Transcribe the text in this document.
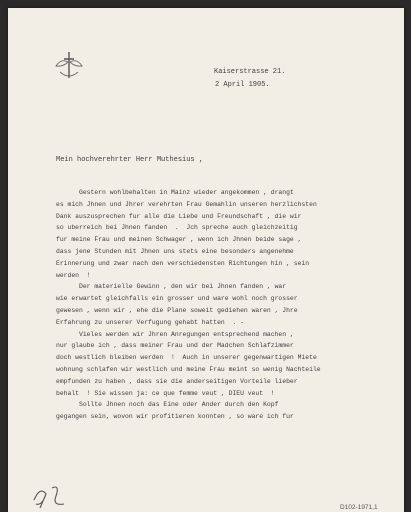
Kaiserstrasse 21.
2 April 1905.
Mein hochverehrter Herr Muthesius ,
Gestern wohlbehalten in Mainz wieder angekommen , drangt
es mich Jhnen und Jhrer verehrten Frau Gemahlin unseren herzlichsten
Dank auszusprechen fur alle die Liebe und Freundschaft , die wir
so uberreich bei Jhnen fanden  .  Jch spreche auch gleichzeitig
fur meine Frau und meinen Schwager , wenn ich Jhnen beide sage ,
dass jene Stunden mit Jhnen uns stets eine besonders angenehme
Erinnerung und zwar nach den verschiedensten Richtungen hin , sein
werden  !
Der materielle Gewinn , den wir bei Jhnen fanden , war
wie erwartet gleichfalls ein grosser und ware wohl noch grosser
gewesen , wenn wir , ehe die Plane soweit gediehen waren , Jhre
Erfahrung zu unserer Verfugung gehabt hatten  . -
Vieles werden wir Jhren Anregungen entsprechend machen ,
nur glaube ich , dass meiner Frau und der Madchen Schlafzimmer
doch westlich bleiben werden  !  Auch in unserer gegenwartigen Miete
wohnung schlafen wir westlich und meine Frau meint so wenig Nachteile
empfunden zu haben , dass sie die anderseitigen Vorteile lieber
behalt  ! Sie wissen ja: ce que femme veut , DIEU veut  !
Sollte Jhnen noch das Eine oder Ander durch den Kopf
gegangen sein, wovon wir profitieren konnten , so ware ich fur
D102-1971,1
